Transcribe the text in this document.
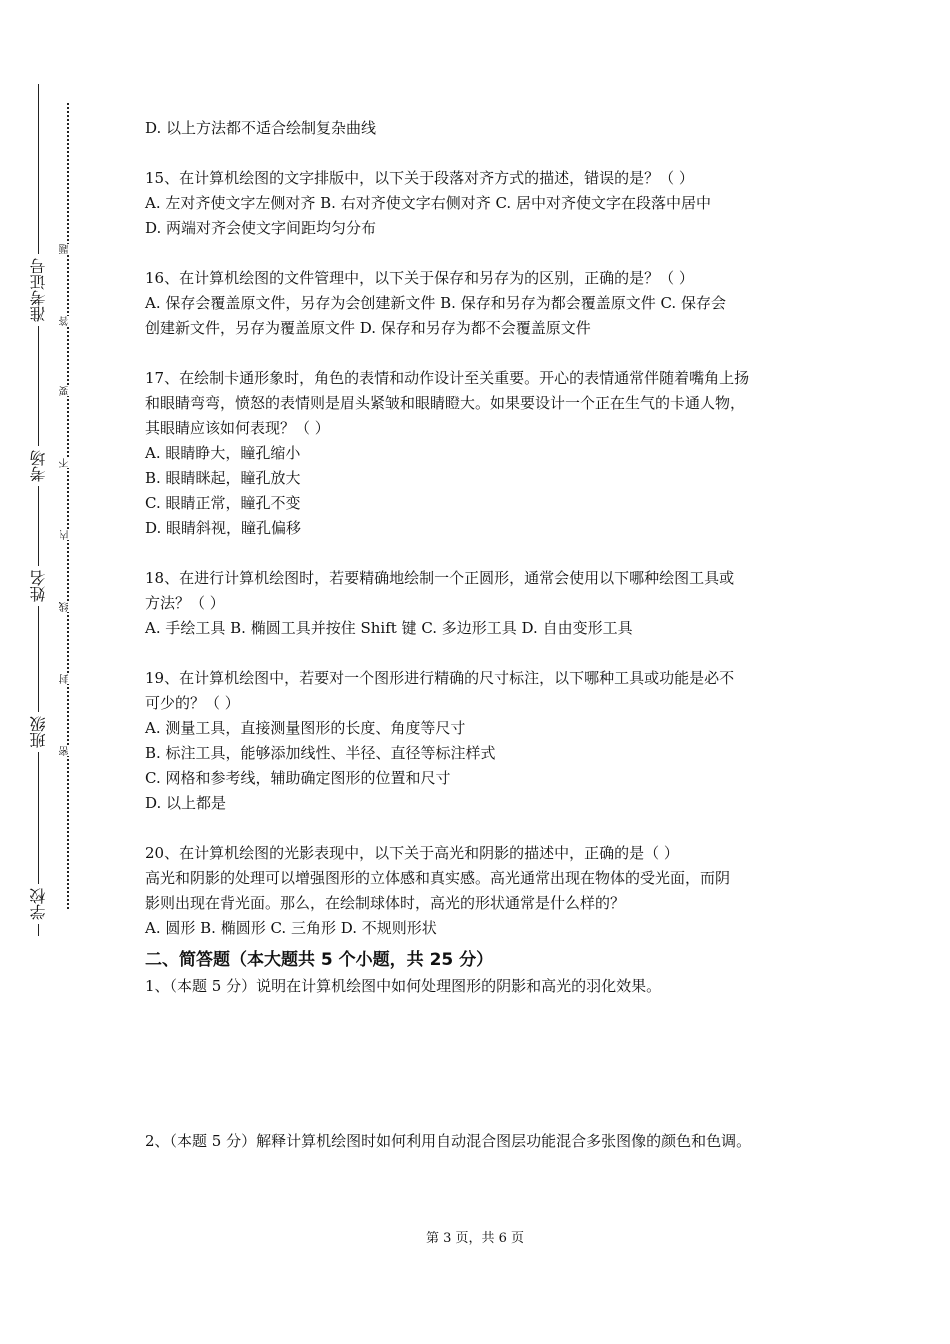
准考证号
考场
姓名
班级
学校
题
答
要
不
内
线
封
密
D. 以上方法都不适合绘制复杂曲线
15、在计算机绘图的文字排版中，以下关于段落对齐方式的描述，错误的是？（ ）
A. 左对齐使文字左侧对齐 B. 右对齐使文字右侧对齐 C. 居中对齐使文字在段落中居中
D. 两端对齐会使文字间距均匀分布
16、在计算机绘图的文件管理中，以下关于保存和另存为的区别，正确的是？（ ）
A. 保存会覆盖原文件，另存为会创建新文件 B. 保存和另存为都会覆盖原文件 C. 保存会
创建新文件，另存为覆盖原文件 D. 保存和另存为都不会覆盖原文件
17、在绘制卡通形象时，角色的表情和动作设计至关重要。开心的表情通常伴随着嘴角上扬
和眼睛弯弯，愤怒的表情则是眉头紧皱和眼睛瞪大。如果要设计一个正在生气的卡通人物，
其眼睛应该如何表现？（ ）
A. 眼睛睁大，瞳孔缩小
B. 眼睛眯起，瞳孔放大
C. 眼睛正常，瞳孔不变
D. 眼睛斜视，瞳孔偏移
18、在进行计算机绘图时，若要精确地绘制一个正圆形，通常会使用以下哪种绘图工具或
方法？（ ）
A. 手绘工具 B. 椭圆工具并按住 Shift 键 C. 多边形工具 D. 自由变形工具
19、在计算机绘图中，若要对一个图形进行精确的尺寸标注，以下哪种工具或功能是必不
可少的？（ ）
A. 测量工具，直接测量图形的长度、角度等尺寸
B. 标注工具，能够添加线性、半径、直径等标注样式
C. 网格和参考线，辅助确定图形的位置和尺寸
D. 以上都是
20、在计算机绘图的光影表现中，以下关于高光和阴影的描述中，正确的是（ ）
高光和阴影的处理可以增强图形的立体感和真实感。高光通常出现在物体的受光面，而阴
影则出现在背光面。那么，在绘制球体时，高光的形状通常是什么样的？
A. 圆形 B. 椭圆形 C. 三角形 D. 不规则形状
二、简答题（本大题共 5 个小题，共 25 分）
1、（本题 5 分）说明在计算机绘图中如何处理图形的阴影和高光的羽化效果。
2、（本题 5 分）解释计算机绘图时如何利用自动混合图层功能混合多张图像的颜色和色调。
第 3 页，共 6 页
